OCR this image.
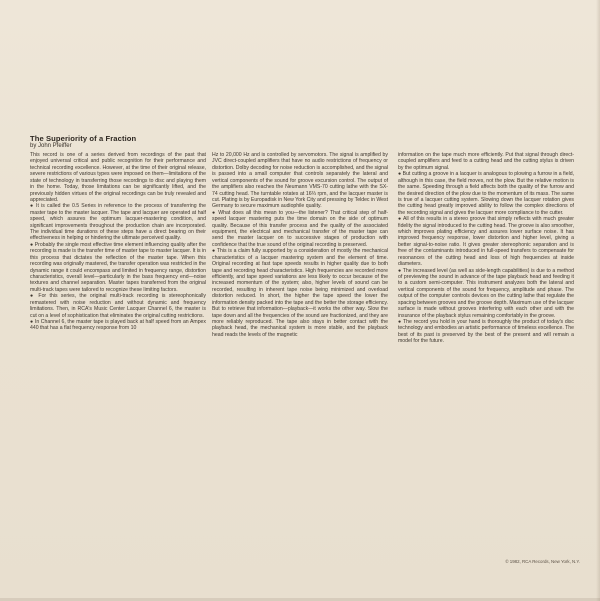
The Superiority of a Fraction
by John Pfeiffer

This record is one of a series derived from recordings of the past that enjoyed universal critical and public recognition for their performance and technical recording excellence. However, at the time of their original release, severe restrictions of various types were imposed on them—limitations of the state of technology in transferring those recordings to disc and playing them in the home. Today, those limitations can be significantly lifted, and the previously hidden virtues of the original recordings can be truly revealed and appreciated.

● It is called the 0.5 Series in reference to the process of transferring the master tape to the master lacquer. The tape and lacquer are operated at half speed, which assures the optimum lacquer-mastering condition, and significant improvements throughout the production chain are incorporated. The individual time durations of these steps have a direct bearing on their effectiveness in helping or hindering the ultimate perceived quality.

● Probably the single most effective time element influencing quality after the recording is made is the transfer time of master tape to master lacquer. It is in this process that dictates the reflection of the master tape. When this recording was originally mastered, the transfer operation was restricted in the dynamic range it could encompass and limited in frequency range, distortion characteristics, overall level—particularly in the bass frequency end—noise textures and channel separation. Master tapes transferred from the original multi-track tapes were tailored to recognize these limiting factors.

● For this series, the original multi-track recording is stereophonically remastered with noise reduction and without dynamic and frequency limitations. Then, in RCA's Music Center Lacquer Channel 6, the master is cut on a level of sophistication that eliminates the original cutting restrictions.

● In Channel 6, the master tape is played back at half speed from an Ampex 440 that has a flat frequency response from 10

Hz to 20,000 Hz and is controlled by servomotors. The signal is amplified by JVC direct-coupled amplifiers that have no audio restrictions of frequency or distortion. Dolby decoding for noise reduction is accomplished, and the signal is passed into a small computer that controls separately the lateral and vertical components of the sound for groove excursion control. The output of the amplifiers also reaches the Neumann VMS-70 cutting lathe with the SX-74 cutting head. The turntable rotates at 16⅔ rpm, and the lacquer master is cut. Plating is by Europadisk in New York City and pressing by Teldec in West Germany to secure maximum audiophile quality.

● What does all this mean to you—the listener? That critical step of half-speed lacquer mastering puts the time domain on the side of optimum quality. Because of this transfer process and the quality of the associated equipment, the electrical and mechanical transfer of the master tape can send the master lacquer on to successive stages of production with confidence that the true sound of the original recording is preserved.

● This is a claim fully supported by a consideration of mostly the mechanical characteristics of a lacquer mastering system and the element of time. Original recording at fast tape speeds results in higher quality due to both tape and recording head characteristics. High frequencies are recorded more efficiently, and tape speed variations are less likely to occur because of the increased momentum of the system; also, higher levels of sound can be recorded, resulting in inherent tape noise being minimized and overload distortion reduced. In short, the higher the tape speed the lower the information density packed into the tape and the better the storage efficiency. But to retrieve that information—playback—it works the other way. Slow the tape down and all the frequencies of the sound are fractionized, and they are more reliably reproduced. The tape also stays in better contact with the playback head, the mechanical system is more stable, and the playback head reads the levels of the magnetic

information on the tape much more efficiently. Put that signal through direct-coupled amplifiers and feed to a cutting head and the cutting stylus is driven by the optimum signal.

● But cutting a groove in a lacquer is analogous to plowing a furrow in a field, although in this case, the field moves, not the plow. But the relative motion is the same. Speeding through a field affects both the quality of the furrow and the desired direction of the plow due to the momentum of its mass. The same is true of a lacquer cutting system. Slowing down the lacquer rotation gives the cutting head greatly improved ability to follow the complex directions of the recording signal and gives the lacquer more compliance to the cutter.

● All of this results in a stereo groove that simply reflects with much greater fidelity the signal introduced to the cutting head. The groove is also smoother, which improves plating efficiency and assures lower surface noise. It has improved frequency response, lower distortion and higher level, giving a better signal-to-noise ratio. It gives greater stereophonic separation and is free of the contaminants introduced in full-speed transfers to compensate for resonances of the cutting head and loss of high frequencies at inside diameters.

● The increased level (as well as side-length capabilities) is due to a method of previewing the sound in advance of the tape playback head and feeding it to a custom semi-computer. This instrument analyzes both the lateral and vertical components of the sound for frequency, amplitude and phase. The output of the computer controls devices on the cutting lathe that regulate the spacing between grooves and the groove depth. Maximum use of the lacquer surface is made without grooves interfering with each other and with the insurance of the playback stylus remaining comfortably in the groove.

● The record you hold in your hand is thoroughly the product of today's disc technology and embodies an artistic performance of timeless excellence. The best of its past is preserved by the best of the present and will remain a model for the future.

© 1982, RCA Records, New York, N.Y.
